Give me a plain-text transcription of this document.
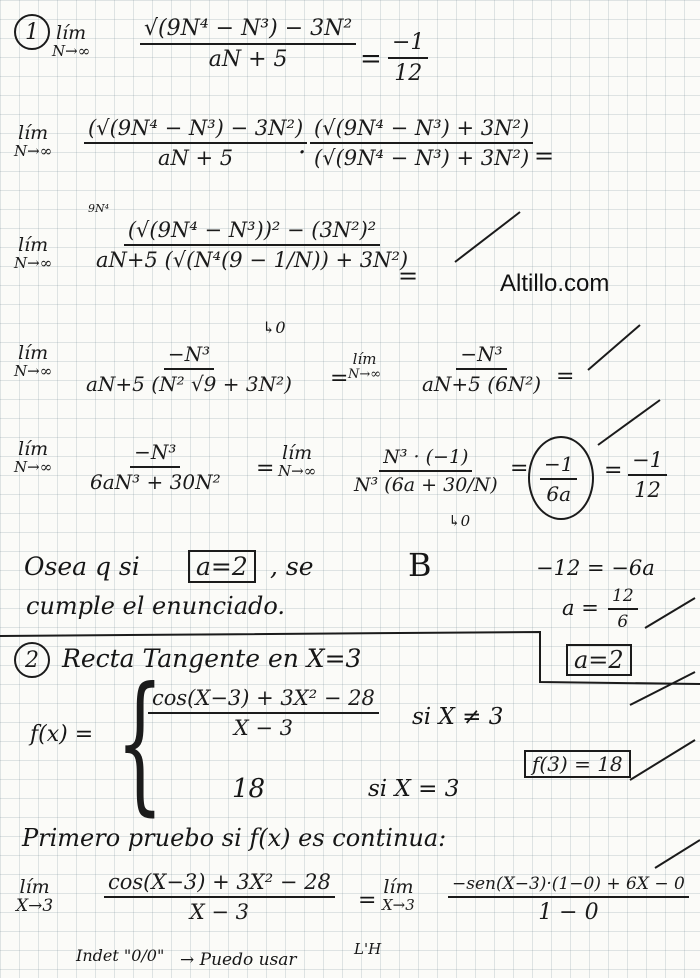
1 lím
$N\to\infty \frac{\text{√(9N⁴ − N³) − 3N²}}{aN + 5} = \frac{-1}{12}$
lím
$N\to\infty \frac{\text{(√(9N⁴ − N³) − 3N²)}}{aN + 5}$
· $\frac{\text{(√(9N⁴ − N³) + 3N²)}}{\text{(√(9N⁴ − N³) + 3N²)}}$ =
lím
N→∞
9N⁴
$\frac{\text{(√(9N⁴ − N³))² − (3N²)²}}{\text{aN+5 (√(N⁴(9 − 1/N)) + 3N²)}}$
↳0
=	Altillo.com
lím
$N\to\infty \frac{\text{−N³}}{\text{aN+5 (N² √9 + 3N²)}}$ =
lím
$N\to\infty \frac{\text{−N³}}{\text{aN+5 (6N²)}}$ =
lím
$N\to\infty \frac{\text{−N³}}{\text{6aN³ + 30N²}}$ =
lím
$N\to\infty \frac{\text{N³ · (−1)}}{\text{N³ (6a + 30/N)}}$
↳0
= $\frac{-1}{6a} = \frac{-1}{12}$
Osea q si	a=2 , se
cumple el enunciado.
B	−12 = −6a
$a = \frac{12}{6}$
a=2
2 Recta Tangente en X=3
f(x) = {
$\frac{\text{cos(X−3) + 3X² − 28}}{X - 3}$ si X ≠ 3
18	si X = 3
f(3) = 18
Primero pruebo si f(x) es continua:
lím
$X\to 3 \frac{\text{cos(X−3) + 3X² − 28}}{X - 3}$ =
lím
X→3
−sen(X−3)·(1−0) + 6X − 0
1 − 0
Indet "0/0" → Puedo usar
L'H
